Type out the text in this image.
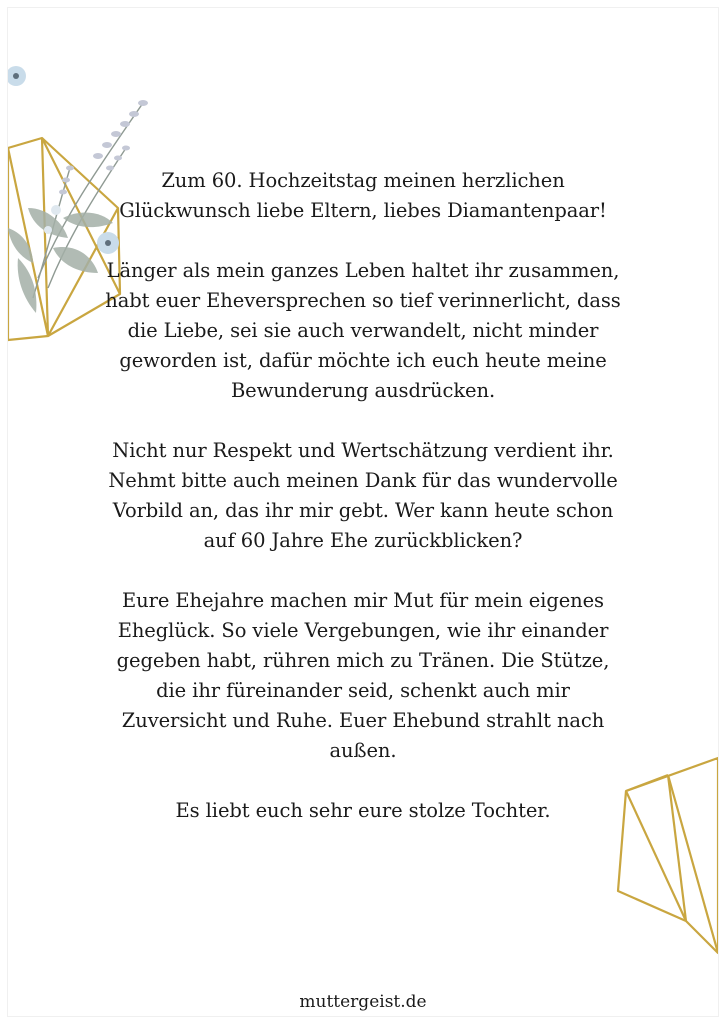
Zum 60. Hochzeitstag meinen herzlichen
Glückwunsch liebe Eltern, liebes Diamantenpaar!

Länger als mein ganzes Leben haltet ihr zusammen,
habt euer Eheversprechen so tief verinnerlicht, dass
die Liebe, sei sie auch verwandelt, nicht minder
geworden ist, dafür möchte ich euch heute meine
Bewunderung ausdrücken.

Nicht nur Respekt und Wertschätzung verdient ihr.
Nehmt bitte auch meinen Dank für das wundervolle
Vorbild an, das ihr mir gebt. Wer kann heute schon
auf 60 Jahre Ehe zurückblicken?

Eure Ehejahre machen mir Mut für mein eigenes
Eheglück. So viele Vergebungen, wie ihr einander
gegeben habt, rühren mich zu Tränen. Die Stütze,
die ihr füreinander seid, schenkt auch mir
Zuversicht und Ruhe. Euer Ehebund strahlt nach
außen.

Es liebt euch sehr eure stolze Tochter.

muttergeist.de
